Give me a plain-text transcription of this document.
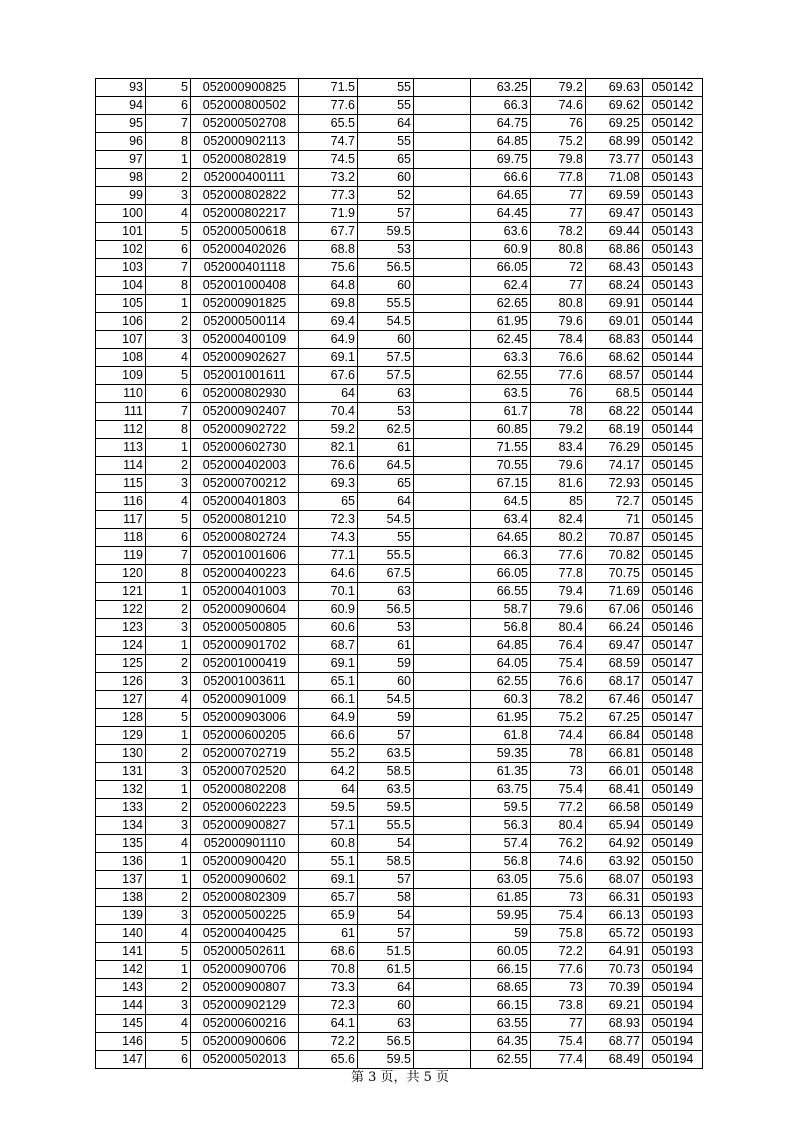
93	5	052000900825	71.5	55		63.25	79.2	69.63	050142
94	6	052000800502	77.6	55		66.3	74.6	69.62	050142
95	7	052000502708	65.5	64		64.75	76	69.25	050142
96	8	052000902113	74.7	55		64.85	75.2	68.99	050142
97	1	052000802819	74.5	65		69.75	79.8	73.77	050143
98	2	052000400111	73.2	60		66.6	77.8	71.08	050143
99	3	052000802822	77.3	52		64.65	77	69.59	050143
100	4	052000802217	71.9	57		64.45	77	69.47	050143
101	5	052000500618	67.7	59.5		63.6	78.2	69.44	050143
102	6	052000402026	68.8	53		60.9	80.8	68.86	050143
103	7	052000401118	75.6	56.5		66.05	72	68.43	050143
104	8	052001000408	64.8	60		62.4	77	68.24	050143
105	1	052000901825	69.8	55.5		62.65	80.8	69.91	050144
106	2	052000500114	69.4	54.5		61.95	79.6	69.01	050144
107	3	052000400109	64.9	60		62.45	78.4	68.83	050144
108	4	052000902627	69.1	57.5		63.3	76.6	68.62	050144
109	5	052001001611	67.6	57.5		62.55	77.6	68.57	050144
110	6	052000802930	64	63		63.5	76	68.5	050144
111	7	052000902407	70.4	53		61.7	78	68.22	050144
112	8	052000902722	59.2	62.5		60.85	79.2	68.19	050144
113	1	052000602730	82.1	61		71.55	83.4	76.29	050145
114	2	052000402003	76.6	64.5		70.55	79.6	74.17	050145
115	3	052000700212	69.3	65		67.15	81.6	72.93	050145
116	4	052000401803	65	64		64.5	85	72.7	050145
117	5	052000801210	72.3	54.5		63.4	82.4	71	050145
118	6	052000802724	74.3	55		64.65	80.2	70.87	050145
119	7	052001001606	77.1	55.5		66.3	77.6	70.82	050145
120	8	052000400223	64.6	67.5		66.05	77.8	70.75	050145
121	1	052000401003	70.1	63		66.55	79.4	71.69	050146
122	2	052000900604	60.9	56.5		58.7	79.6	67.06	050146
123	3	052000500805	60.6	53		56.8	80.4	66.24	050146
124	1	052000901702	68.7	61		64.85	76.4	69.47	050147
125	2	052001000419	69.1	59		64.05	75.4	68.59	050147
126	3	052001003611	65.1	60		62.55	76.6	68.17	050147
127	4	052000901009	66.1	54.5		60.3	78.2	67.46	050147
128	5	052000903006	64.9	59		61.95	75.2	67.25	050147
129	1	052000600205	66.6	57		61.8	74.4	66.84	050148
130	2	052000702719	55.2	63.5		59.35	78	66.81	050148
131	3	052000702520	64.2	58.5		61.35	73	66.01	050148
132	1	052000802208	64	63.5		63.75	75.4	68.41	050149
133	2	052000602223	59.5	59.5		59.5	77.2	66.58	050149
134	3	052000900827	57.1	55.5		56.3	80.4	65.94	050149
135	4	052000901110	60.8	54		57.4	76.2	64.92	050149
136	1	052000900420	55.1	58.5		56.8	74.6	63.92	050150
137	1	052000900602	69.1	57		63.05	75.6	68.07	050193
138	2	052000802309	65.7	58		61.85	73	66.31	050193
139	3	052000500225	65.9	54		59.95	75.4	66.13	050193
140	4	052000400425	61	57		59	75.8	65.72	050193
141	5	052000502611	68.6	51.5		60.05	72.2	64.91	050193
142	1	052000900706	70.8	61.5		66.15	77.6	70.73	050194
143	2	052000900807	73.3	64		68.65	73	70.39	050194
144	3	052000902129	72.3	60		66.15	73.8	69.21	050194
145	4	052000600216	64.1	63		63.55	77	68.93	050194
146	5	052000900606	72.2	56.5		64.35	75.4	68.77	050194
147	6	052000502013	65.6	59.5		62.55	77.4	68.49	050194
第 3 页，共 5 页
